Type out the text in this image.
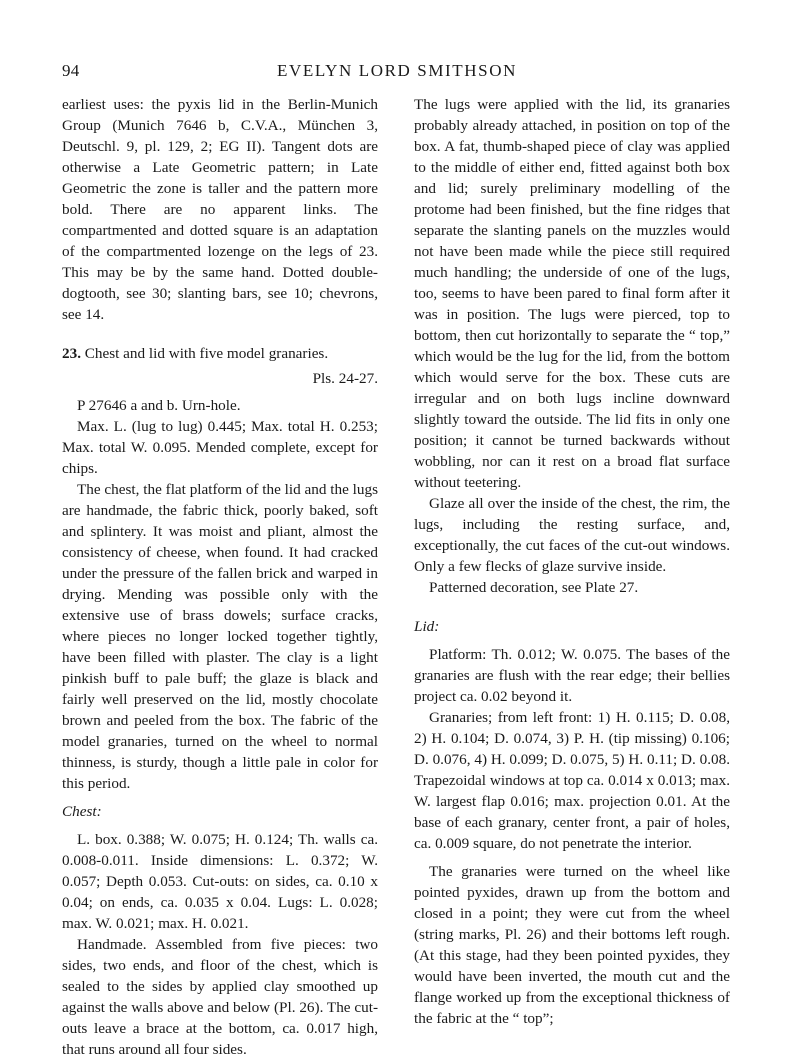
94	EVELYN LORD SMITHSON

earliest uses: the pyxis lid in the Berlin-Munich Group (Munich 7646 b, C.V.A., München 3, Deutschl. 9, pl. 129, 2; EG II). Tangent dots are otherwise a Late Geometric pattern; in Late Geometric the zone is taller and the pattern more bold. There are no apparent links. The compartmented and dotted square is an adaptation of the compartmented lozenge on the legs of 23. This may be by the same hand. Dotted double-dogtooth, see 30; slanting bars, see 10; chevrons, see 14.

23. Chest and lid with five model granaries.

Pls. 24-27.

P 27646 a and b. Urn-hole.

Max. L. (lug to lug) 0.445; Max. total H. 0.253; Max. total W. 0.095. Mended complete, except for chips.

The chest, the flat platform of the lid and the lugs are handmade, the fabric thick, poorly baked, soft and splintery. It was moist and pliant, almost the consistency of cheese, when found. It had cracked under the pressure of the fallen brick and warped in drying. Mending was possible only with the extensive use of brass dowels; surface cracks, where pieces no longer locked together tightly, have been filled with plaster. The clay is a light pinkish buff to pale buff; the glaze is black and fairly well preserved on the lid, mostly chocolate brown and peeled from the box. The fabric of the model granaries, turned on the wheel to normal thinness, is sturdy, though a little pale in color for this period.

Chest:

L. box. 0.388; W. 0.075; H. 0.124; Th. walls ca. 0.008-0.011. Inside dimensions: L. 0.372; W. 0.057; Depth 0.053. Cut-outs: on sides, ca. 0.10 x 0.04; on ends, ca. 0.035 x 0.04. Lugs: L. 0.028; max. W. 0.021; max. H. 0.021.

Handmade. Assembled from five pieces: two sides, two ends, and floor of the chest, which is sealed to the sides by applied clay smoothed up against the walls above and below (Pl. 26). The cut-outs leave a brace at the bottom, ca. 0.017 high, that runs around all four sides.

The lugs were applied with the lid, its granaries probably already attached, in position on top of the box. A fat, thumb-shaped piece of clay was applied to the middle of either end, fitted against both box and lid; surely preliminary modelling of the protome had been finished, but the fine ridges that separate the slanting panels on the muzzles would not have been made while the piece still required much handling; the underside of one of the lugs, too, seems to have been pared to final form after it was in position. The lugs were pierced, top to bottom, then cut horizontally to separate the “ top,” which would be the lug for the lid, from the bottom which would serve for the box. These cuts are irregular and on both lugs incline downward slightly toward the outside. The lid fits in only one position; it cannot be turned backwards without wobbling, nor can it rest on a broad flat surface without teetering.

Glaze all over the inside of the chest, the rim, the lugs, including the resting surface, and, exceptionally, the cut faces of the cut-out windows. Only a few flecks of glaze survive inside.

Patterned decoration, see Plate 27.

Lid:

Platform: Th. 0.012; W. 0.075. The bases of the granaries are flush with the rear edge; their bellies project ca. 0.02 beyond it.

Granaries; from left front: 1) H. 0.115; D. 0.08, 2) H. 0.104; D. 0.074, 3) P. H. (tip missing) 0.106; D. 0.076, 4) H. 0.099; D. 0.075, 5) H. 0.11; D. 0.08. Trapezoidal windows at top ca. 0.014 x 0.013; max. W. largest flap 0.016; max. projection 0.01. At the base of each granary, center front, a pair of holes, ca. 0.009 square, do not penetrate the interior.

The granaries were turned on the wheel like pointed pyxides, drawn up from the bottom and closed in a point; they were cut from the wheel (string marks, Pl. 26) and their bottoms left rough. (At this stage, had they been pointed pyxides, they would have been inverted, the mouth cut and the flange worked up from the exceptional thickness of the fabric at the “ top”;
